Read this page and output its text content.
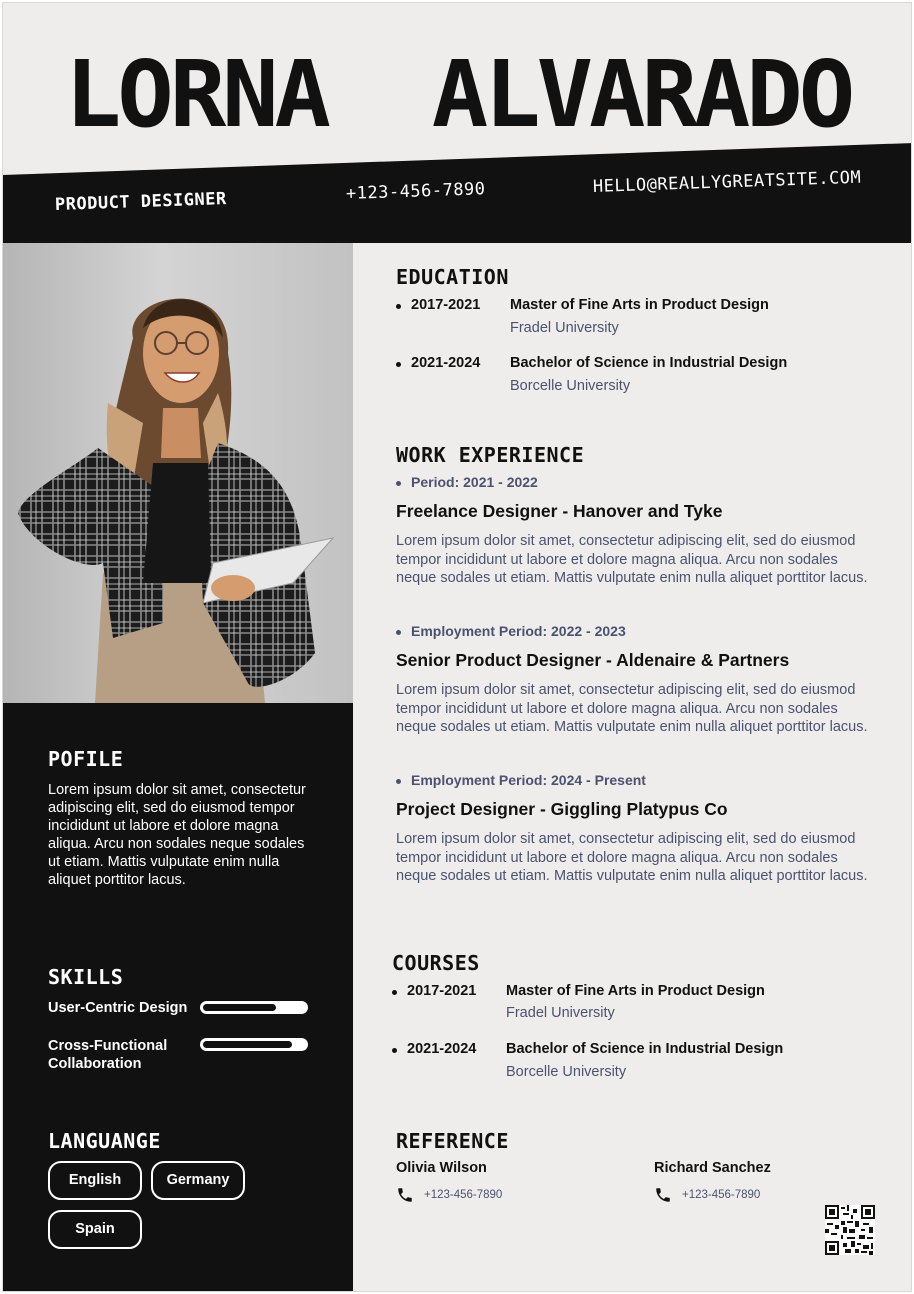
LORNA  ALVARADO
PRODUCT DESIGNER	+123-456-7890	HELLO@REALLYGREATSITE.COM
POFILE
Lorem ipsum dolor sit amet, consectetur adipiscing elit, sed do eiusmod tempor incididunt ut labore et dolore magna aliqua. Arcu non sodales neque sodales ut etiam. Mattis vulputate enim nulla aliquet porttitor lacus.
SKILLS
User-Centric Design
Cross-Functional Collaboration
LANGUANGE
English	Germany
Spain
EDUCATION
2017-2021 Master of Fine Arts in Product Design
Fradel University
2021-2024 Bachelor of Science in Industrial Design
Borcelle University
WORK EXPERIENCE
Period: 2021 - 2022
Freelance Designer - Hanover and Tyke
Lorem ipsum dolor sit amet, consectetur adipiscing elit, sed do eiusmod tempor incididunt ut labore et dolore magna aliqua. Arcu non sodales neque sodales ut etiam. Mattis vulputate enim nulla aliquet porttitor lacus.
Employment Period: 2022 - 2023
Senior Product Designer - Aldenaire & Partners
Lorem ipsum dolor sit amet, consectetur adipiscing elit, sed do eiusmod tempor incididunt ut labore et dolore magna aliqua. Arcu non sodales neque sodales ut etiam. Mattis vulputate enim nulla aliquet porttitor lacus.
Employment Period: 2024 - Present
Project Designer - Giggling Platypus Co
Lorem ipsum dolor sit amet, consectetur adipiscing elit, sed do eiusmod tempor incididunt ut labore et dolore magna aliqua. Arcu non sodales neque sodales ut etiam. Mattis vulputate enim nulla aliquet porttitor lacus.
COURSES
2017-2021 Master of Fine Arts in Product Design
Fradel University
2021-2024 Bachelor of Science in Industrial Design
Borcelle University
REFERENCE
Olivia Wilson
+123-456-7890
Richard Sanchez
+123-456-7890
